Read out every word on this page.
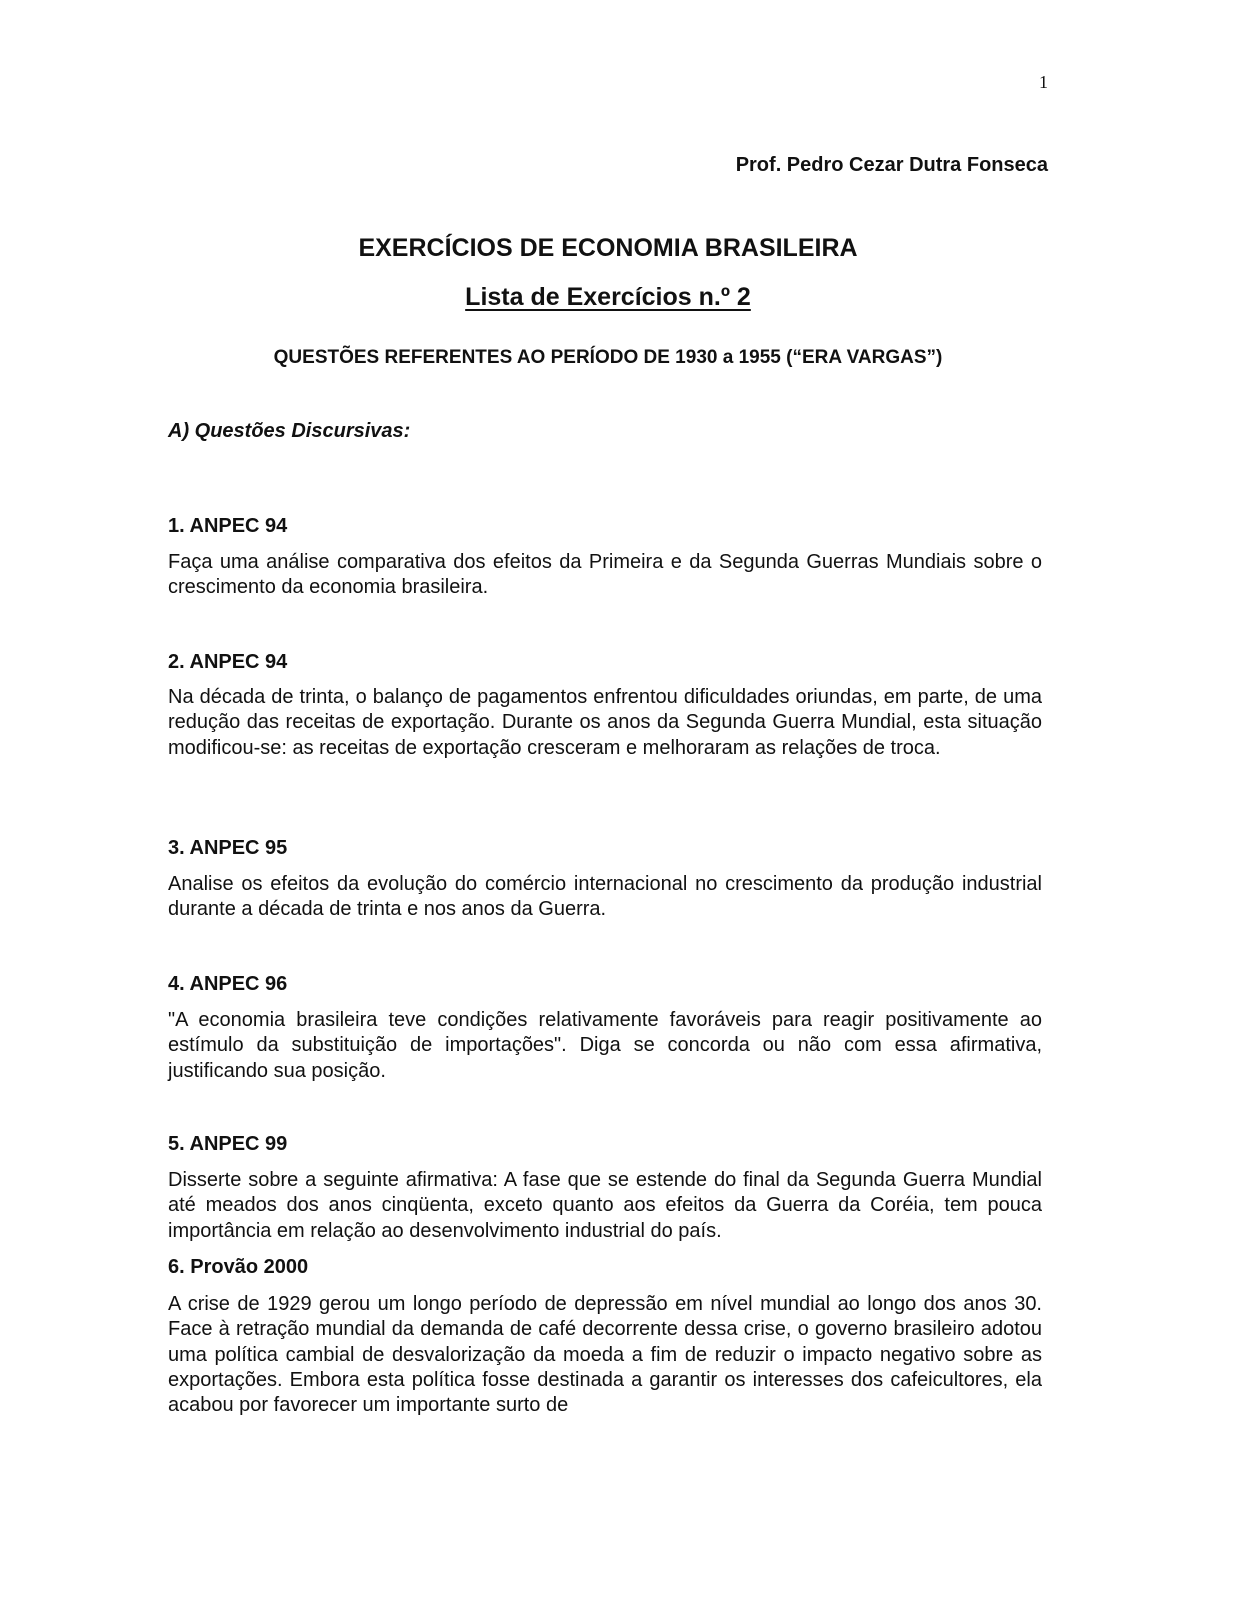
1
Prof. Pedro Cezar Dutra Fonseca
EXERCÍCIOS DE ECONOMIA BRASILEIRA
Lista de Exercícios n.º 2
QUESTÕES REFERENTES AO PERÍODO DE 1930 a 1955 (“ERA VARGAS”)
A) Questões Discursivas:
1. ANPEC 94

Faça uma análise comparativa dos efeitos da Primeira e da Segunda Guerras Mundiais sobre o crescimento da economia brasileira.

2. ANPEC 94

Na década de trinta, o balanço de pagamentos enfrentou dificuldades oriundas, em parte, de uma redução das receitas de exportação. Durante os anos da Segunda Guerra Mundial, esta situação modificou-se: as receitas de exportação cresceram e melhoraram as relações de troca.

3. ANPEC 95

Analise os efeitos da evolução do comércio internacional no crescimento da produção industrial durante a década de trinta e nos anos da Guerra.

4. ANPEC 96

"A economia brasileira teve condições relativamente favoráveis para reagir positivamente ao estímulo da substituição de importações". Diga se concorda ou não com essa afirmativa, justificando sua posição.

5. ANPEC 99

Disserte sobre a seguinte afirmativa: A fase que se estende do final da Segunda Guerra Mundial até meados dos anos cinqüenta, exceto quanto aos efeitos da Guerra da Coréia, tem pouca importância em relação ao desenvolvimento industrial do país.

6. Provão 2000

A crise de 1929 gerou um longo período de depressão em nível mundial ao longo dos anos 30. Face à retração mundial da demanda de café decorrente dessa crise, o governo brasileiro adotou uma política cambial de desvalorização da moeda a fim de reduzir o impacto negativo sobre as exportações. Embora esta política fosse destinada a garantir os interesses dos cafeicultores, ela acabou por favorecer um importante surto de
